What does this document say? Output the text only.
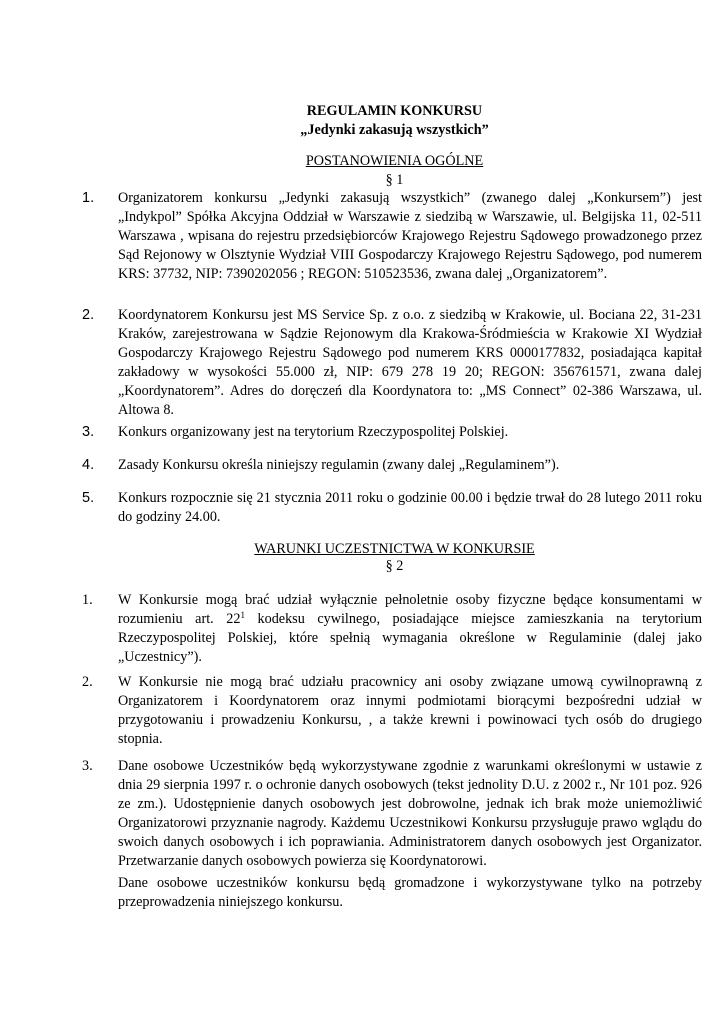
REGULAMIN KONKURSU
„Jedynki zakasują wszystkich”
POSTANOWIENIA OGÓLNE
§ 1
1.	Organizatorem konkursu „Jedynki zakasują wszystkich” (zwanego dalej „Konkursem”) jest „Indykpol” Spółka Akcyjna Oddział w Warszawie z siedzibą w Warszawie, ul. Belgijska 11, 02-511 Warszawa , wpisana do rejestru przedsiębiorców Krajowego Rejestru Sądowego prowadzonego przez Sąd Rejonowy w Olsztynie Wydział VIII Gospodarczy Krajowego Rejestru Sądowego, pod numerem KRS: 37732, NIP: 7390202056 ; REGON: 510523536, zwana dalej „Organizatorem”.
2.	Koordynatorem Konkursu jest MS Service Sp. z o.o. z siedzibą w Krakowie, ul. Bociana 22, 31-231 Kraków, zarejestrowana w Sądzie Rejonowym dla Krakowa-Śródmieścia w Krakowie XI Wydział Gospodarczy Krajowego Rejestru Sądowego pod numerem KRS 0000177832, posiadająca kapitał zakładowy w wysokości 55.000 zł, NIP: 679 278 19 20; REGON: 356761571, zwana dalej „Koordynatorem”. Adres do doręczeń dla Koordynatora to: „MS Connect” 02-386 Warszawa, ul. Altowa 8.
3.	Konkurs organizowany jest na terytorium Rzeczypospolitej Polskiej.
4.	Zasady Konkursu określa niniejszy regulamin (zwany dalej „Regulaminem”).
5.	Konkurs rozpocznie się 21 stycznia 2011 roku o godzinie 00.00 i będzie trwał do 28 lutego 2011 roku do godziny 24.00.
WARUNKI UCZESTNICTWA W KONKURSIE
§ 2
1.	W Konkursie mogą brać udział wyłącznie pełnoletnie osoby fizyczne będące konsumentami w rozumieniu art. $22^1$ kodeksu cywilnego, posiadające miejsce zamieszkania na terytorium Rzeczypospolitej Polskiej, które spełnią wymagania określone w Regulaminie (dalej jako „Uczestnicy”).
2.	W Konkursie nie mogą brać udziału pracownicy ani osoby związane umową cywilnoprawną z Organizatorem i Koordynatorem oraz innymi podmiotami biorącymi bezpośredni udział w przygotowaniu i prowadzeniu Konkursu, , a także krewni i powinowaci tych osób do drugiego stopnia.
3.	Dane osobowe Uczestników będą wykorzystywane zgodnie z warunkami określonymi w ustawie z dnia 29 sierpnia 1997 r. o ochronie danych osobowych (tekst jednolity D.U. z 2002 r., Nr 101 poz. 926 ze zm.). Udostępnienie danych osobowych jest dobrowolne, jednak ich brak może uniemożliwić Organizatorowi przyznanie nagrody. Każdemu Uczestnikowi Konkursu przysługuje prawo wglądu do swoich danych osobowych i ich poprawiania. Administratorem danych osobowych jest Organizator. Przetwarzanie danych osobowych powierza się Koordynatorowi.
Dane osobowe uczestników konkursu będą gromadzone i wykorzystywane tylko na potrzeby przeprowadzenia niniejszego konkursu.
